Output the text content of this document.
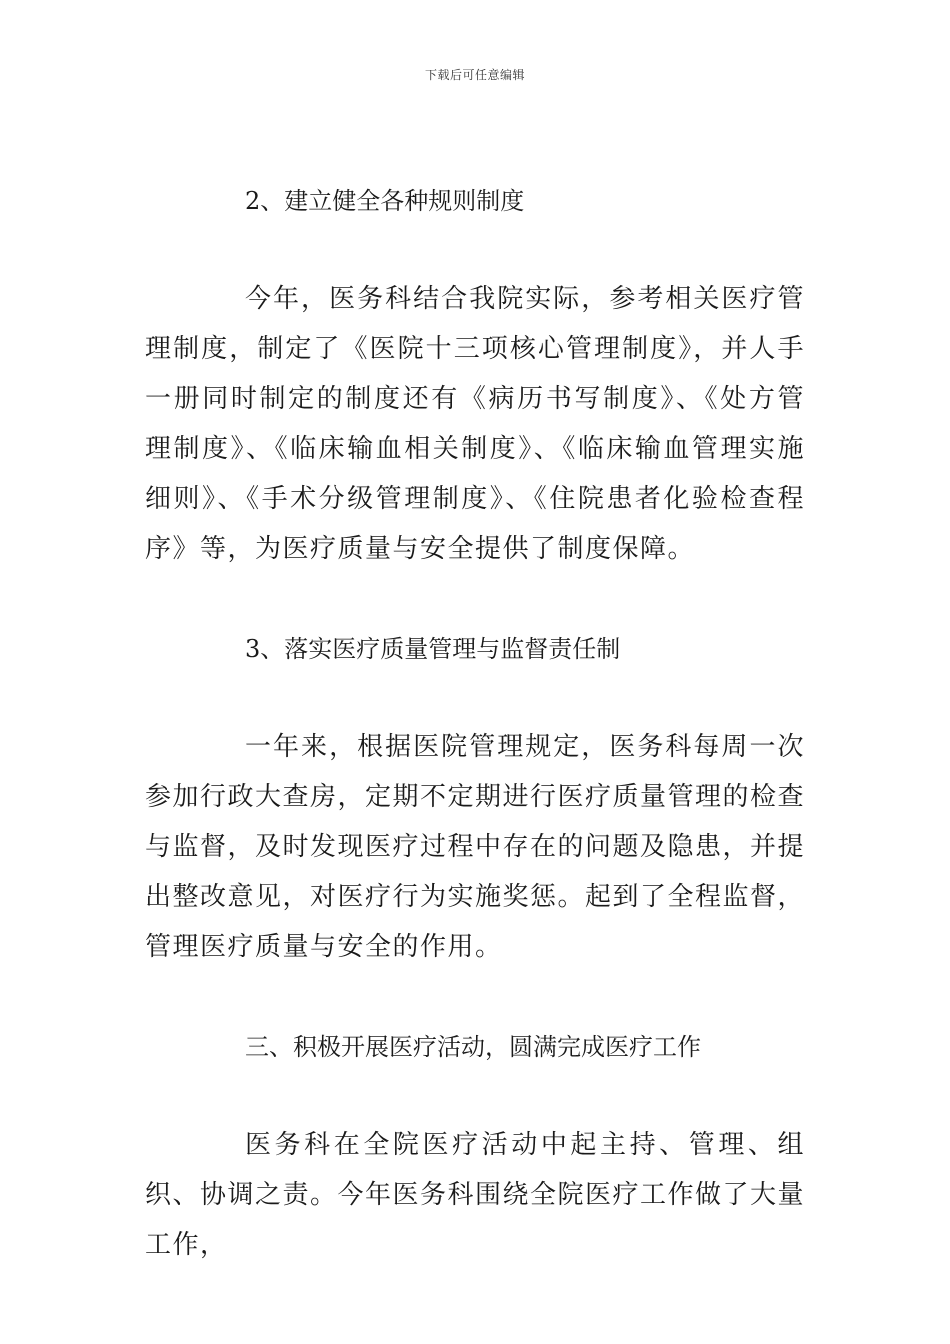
下载后可任意编辑
2、建立健全各种规则制度

今年，医务科结合我院实际，参考相关医疗管理制度，制定了《医院十三项核心管理制度》，并人手一册同时制定的制度还有《病历书写制度》、《处方管理制度》、《临床输血相关制度》、《临床输血管理实施细则》、《手术分级管理制度》、《住院患者化验检查程序》等，为医疗质量与安全提供了制度保障。

3、落实医疗质量管理与监督责任制

一年来，根据医院管理规定，医务科每周一次参加行政大查房，定期不定期进行医疗质量管理的检查与监督，及时发现医疗过程中存在的问题及隐患，并提出整改意见，对医疗行为实施奖惩。起到了全程监督，管理医疗质量与安全的作用。

三、积极开展医疗活动，圆满完成医疗工作

医务科在全院医疗活动中起主持、管理、组织、协调之责。今年医务科围绕全院医疗工作做了大量工作，
